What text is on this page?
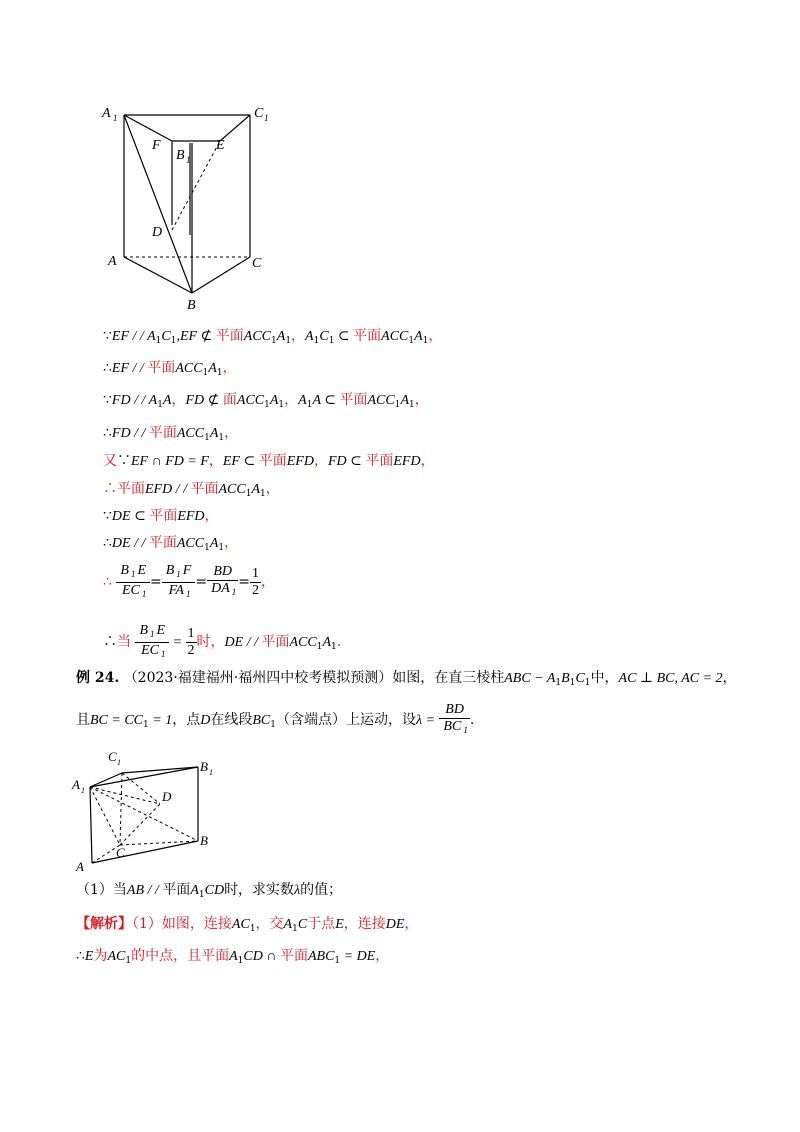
A 1	C 1
F
B 1
E
D
A	C
B
∵EF / / $A_1C_1,EF$ ⊄ 平面$ACC_1A_1$，$A_1C_1$ ⊂ 平面$ACC_1A_1$，
∴EF / / 平面$ACC_1A_1$，
∵FD / / $A_1A$，FD ⊄ 面$ACC_1A_1$，$A_1A$ ⊂ 平面$ACC_1A_1$，
∴FD / / 平面$ACC_1A_1$，
又∵EF ∩ FD = F，EF ⊂ 平面EFD，FD ⊂ 平面EFD，
∴平面EFD / / 平面$ACC_1A_1$，
∵DE ⊂ 平面EFD，
∴DE / / 平面$ACC_1A_1$，
∴ $\frac{B _1 E}{EC _1} = \frac{B _1 F}{FA _1} = \frac{BD}{DA _1} = \frac{1}{2}$ ，
∴当 $\frac{B _1 E}{EC _1} = \frac{1}{2}$ 时，DE / / 平面$ACC_1A_1$.
例 24. （2023·福建福州·福州四中校考模拟预测）如图，在直三棱柱ABC − $A_1B_1C_1$中，AC ⊥ BC, AC = 2，
且BC = $CC_1 = 1$，点D在线段$BC_1$（含端点）上运动，设$\lambda = \frac{BD}{BC _1}$ .
C 1	B 1
A 1	D
C
B
A
（1）当AB / / 平面$A_1CD$时，求实数λ的值；
【解析】（1）如图，连接$AC_1$，交$A_1C$于点E，连接DE，
∴E为$AC_1$的中点，且平面$A_1CD$ ∩ 平面$ABC_1$ = DE，
